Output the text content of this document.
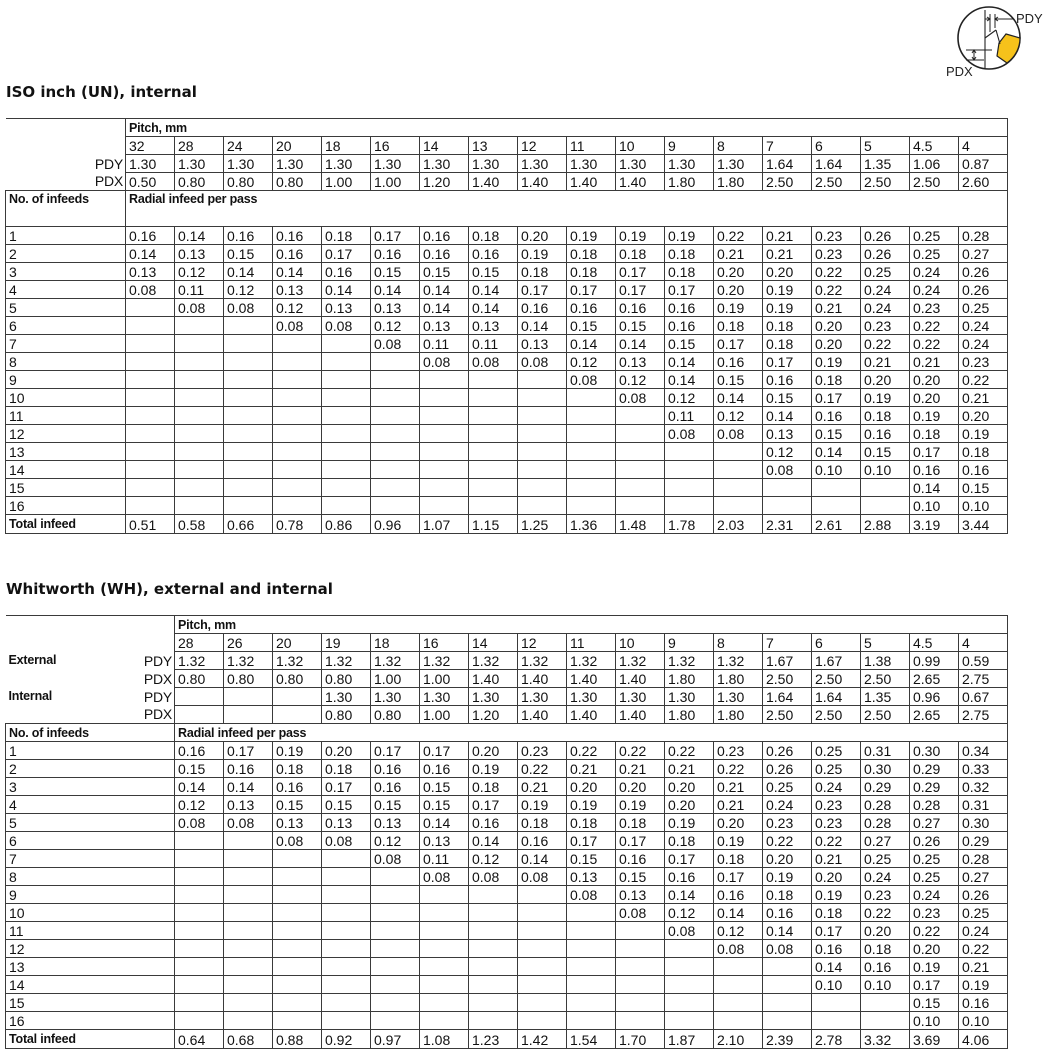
PDY
PDX
ISO inch (UN), internal
	Pitch, mm																	
	32	28	24	20	18	16	14	13	12	11	10	9	8	7	6	5	4.5	4
PDY	1.30	1.30	1.30	1.30	1.30	1.30	1.30	1.30	1.30	1.30	1.30	1.30	1.30	1.64	1.64	1.35	1.06	0.87
PDX	0.50	0.80	0.80	0.80	1.00	1.00	1.20	1.40	1.40	1.40	1.40	1.80	1.80	2.50	2.50	2.50	2.50	2.60
No. of infeeds	Radial infeed per pass																	
1	0.16	0.14	0.16	0.16	0.18	0.17	0.16	0.18	0.20	0.19	0.19	0.19	0.22	0.21	0.23	0.26	0.25	0.28
2	0.14	0.13	0.15	0.16	0.17	0.16	0.16	0.16	0.19	0.18	0.18	0.18	0.21	0.21	0.23	0.26	0.25	0.27
3	0.13	0.12	0.14	0.14	0.16	0.15	0.15	0.15	0.18	0.18	0.17	0.18	0.20	0.20	0.22	0.25	0.24	0.26
4	0.08	0.11	0.12	0.13	0.14	0.14	0.14	0.14	0.17	0.17	0.17	0.17	0.20	0.19	0.22	0.24	0.24	0.26
5		0.08	0.08	0.12	0.13	0.13	0.14	0.14	0.16	0.16	0.16	0.16	0.19	0.19	0.21	0.24	0.23	0.25
6				0.08	0.08	0.12	0.13	0.13	0.14	0.15	0.15	0.16	0.18	0.18	0.20	0.23	0.22	0.24
7						0.08	0.11	0.11	0.13	0.14	0.14	0.15	0.17	0.18	0.20	0.22	0.22	0.24
8							0.08	0.08	0.08	0.12	0.13	0.14	0.16	0.17	0.19	0.21	0.21	0.23
9										0.08	0.12	0.14	0.15	0.16	0.18	0.20	0.20	0.22
10											0.08	0.12	0.14	0.15	0.17	0.19	0.20	0.21
11												0.11	0.12	0.14	0.16	0.18	0.19	0.20
12												0.08	0.08	0.13	0.15	0.16	0.18	0.19
13														0.12	0.14	0.15	0.17	0.18
14														0.08	0.10	0.10	0.16	0.16
15																	0.14	0.15
16																	0.10	0.10
Total infeed	0.51	0.58	0.66	0.78	0.86	0.96	1.07	1.15	1.25	1.36	1.48	1.78	2.03	2.31	2.61	2.88	3.19	3.44
Whitworth (WH), external and internal
		Pitch, mm																
		28	26	20	19	18	16	14	12	11	10	9	8	7	6	5	4.5	4
External	PDY	1.32	1.32	1.32	1.32	1.32	1.32	1.32	1.32	1.32	1.32	1.32	1.32	1.67	1.67	1.38	0.99	0.59
	PDX	0.80	0.80	0.80	0.80	1.00	1.00	1.40	1.40	1.40	1.40	1.80	1.80	2.50	2.50	2.50	2.65	2.75
Internal	PDY				1.30	1.30	1.30	1.30	1.30	1.30	1.30	1.30	1.30	1.64	1.64	1.35	0.96	0.67
	PDX				0.80	0.80	1.00	1.20	1.40	1.40	1.40	1.80	1.80	2.50	2.50	2.50	2.65	2.75
No. of infeeds		Radial infeed per pass																
1		0.16	0.17	0.19	0.20	0.17	0.17	0.20	0.23	0.22	0.22	0.22	0.23	0.26	0.25	0.31	0.30	0.34
2		0.15	0.16	0.18	0.18	0.16	0.16	0.19	0.22	0.21	0.21	0.21	0.22	0.26	0.25	0.30	0.29	0.33
3		0.14	0.14	0.16	0.17	0.16	0.15	0.18	0.21	0.20	0.20	0.20	0.21	0.25	0.24	0.29	0.29	0.32
4		0.12	0.13	0.15	0.15	0.15	0.15	0.17	0.19	0.19	0.19	0.20	0.21	0.24	0.23	0.28	0.28	0.31
5		0.08	0.08	0.13	0.13	0.13	0.14	0.16	0.18	0.18	0.18	0.19	0.20	0.23	0.23	0.28	0.27	0.30
6				0.08	0.08	0.12	0.13	0.14	0.16	0.17	0.17	0.18	0.19	0.22	0.22	0.27	0.26	0.29
7						0.08	0.11	0.12	0.14	0.15	0.16	0.17	0.18	0.20	0.21	0.25	0.25	0.28
8							0.08	0.08	0.08	0.13	0.15	0.16	0.17	0.19	0.20	0.24	0.25	0.27
9										0.08	0.13	0.14	0.16	0.18	0.19	0.23	0.24	0.26
10											0.08	0.12	0.14	0.16	0.18	0.22	0.23	0.25
11												0.08	0.12	0.14	0.17	0.20	0.22	0.24
12													0.08	0.08	0.16	0.18	0.20	0.22
13															0.14	0.16	0.19	0.21
14															0.10	0.10	0.17	0.19
15																	0.15	0.16
16																	0.10	0.10
Total infeed		0.64	0.68	0.88	0.92	0.97	1.08	1.23	1.42	1.54	1.70	1.87	2.10	2.39	2.78	3.32	3.69	4.06
